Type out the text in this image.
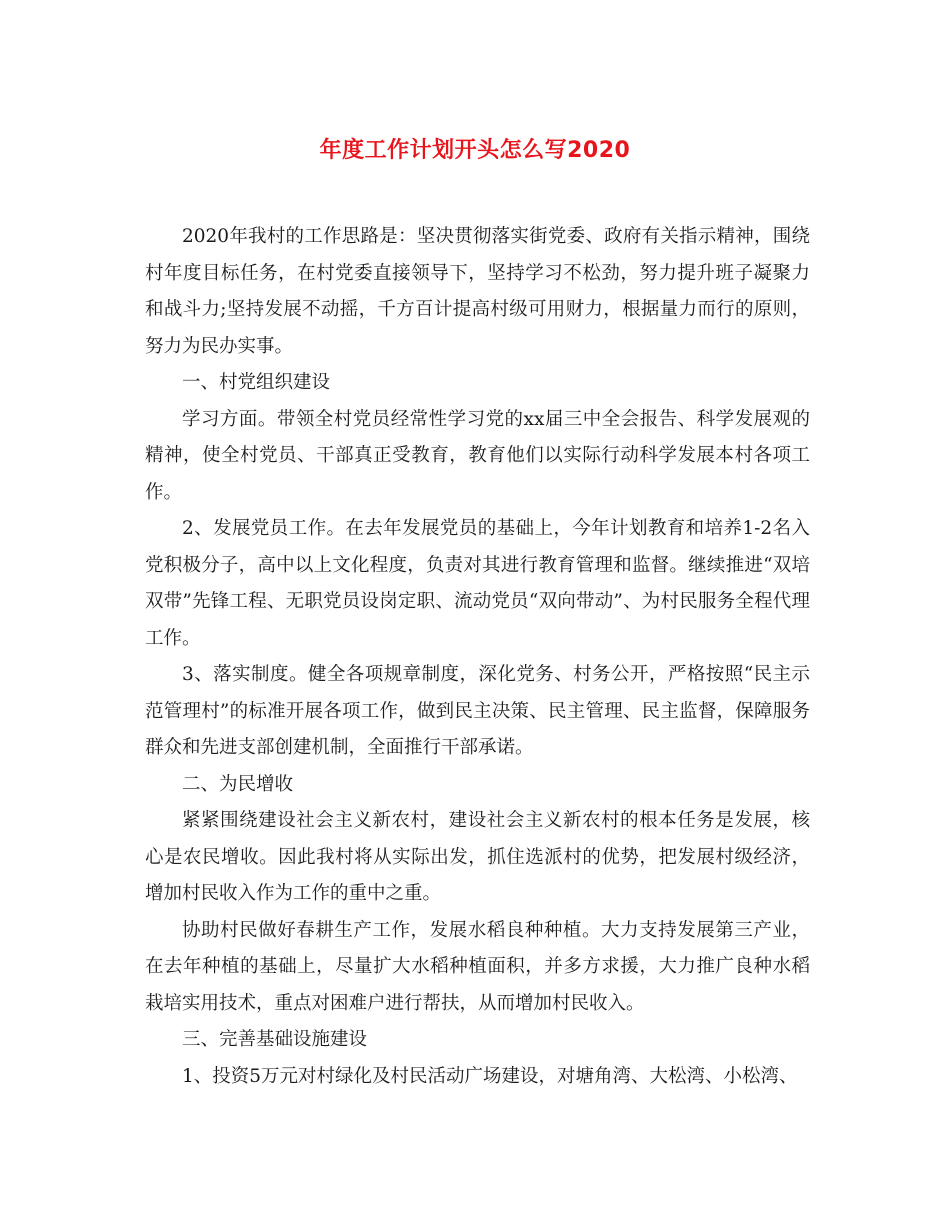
年度工作计划开头怎么写2020

2020年我村的工作思路是：坚决贯彻落实街党委、政府有关指示精神，围绕村年度目标任务，在村党委直接领导下，坚持学习不松劲，努力提升班子凝聚力和战斗力;坚持发展不动摇，千方百计提高村级可用财力，根据量力而行的原则，努力为民办实事。

一、村党组织建设

学习方面。带领全村党员经常性学习党的xx届三中全会报告、科学发展观的精神，使全村党员、干部真正受教育，教育他们以实际行动科学发展本村各项工作。

2、发展党员工作。在去年发展党员的基础上，今年计划教育和培养1-2名入党积极分子，高中以上文化程度，负责对其进行教育管理和监督。继续推进“双培双带”先锋工程、无职党员设岗定职、流动党员“双向带动”、为村民服务全程代理工作。

3、落实制度。健全各项规章制度，深化党务、村务公开，严格按照“民主示范管理村”的标准开展各项工作，做到民主决策、民主管理、民主监督，保障服务群众和先进支部创建机制，全面推行干部承诺。

二、为民增收

紧紧围绕建设社会主义新农村，建设社会主义新农村的根本任务是发展，核心是农民增收。因此我村将从实际出发，抓住选派村的优势，把发展村级经济，增加村民收入作为工作的重中之重。

协助村民做好春耕生产工作，发展水稻良种种植。大力支持发展第三产业，在去年种植的基础上，尽量扩大水稻种植面积，并多方求援，大力推广良种水稻栽培实用技术，重点对困难户进行帮扶，从而增加村民收入。

三、完善基础设施建设

1、投资5万元对村绿化及村民活动广场建设，对塘角湾、大松湾、小松湾、
